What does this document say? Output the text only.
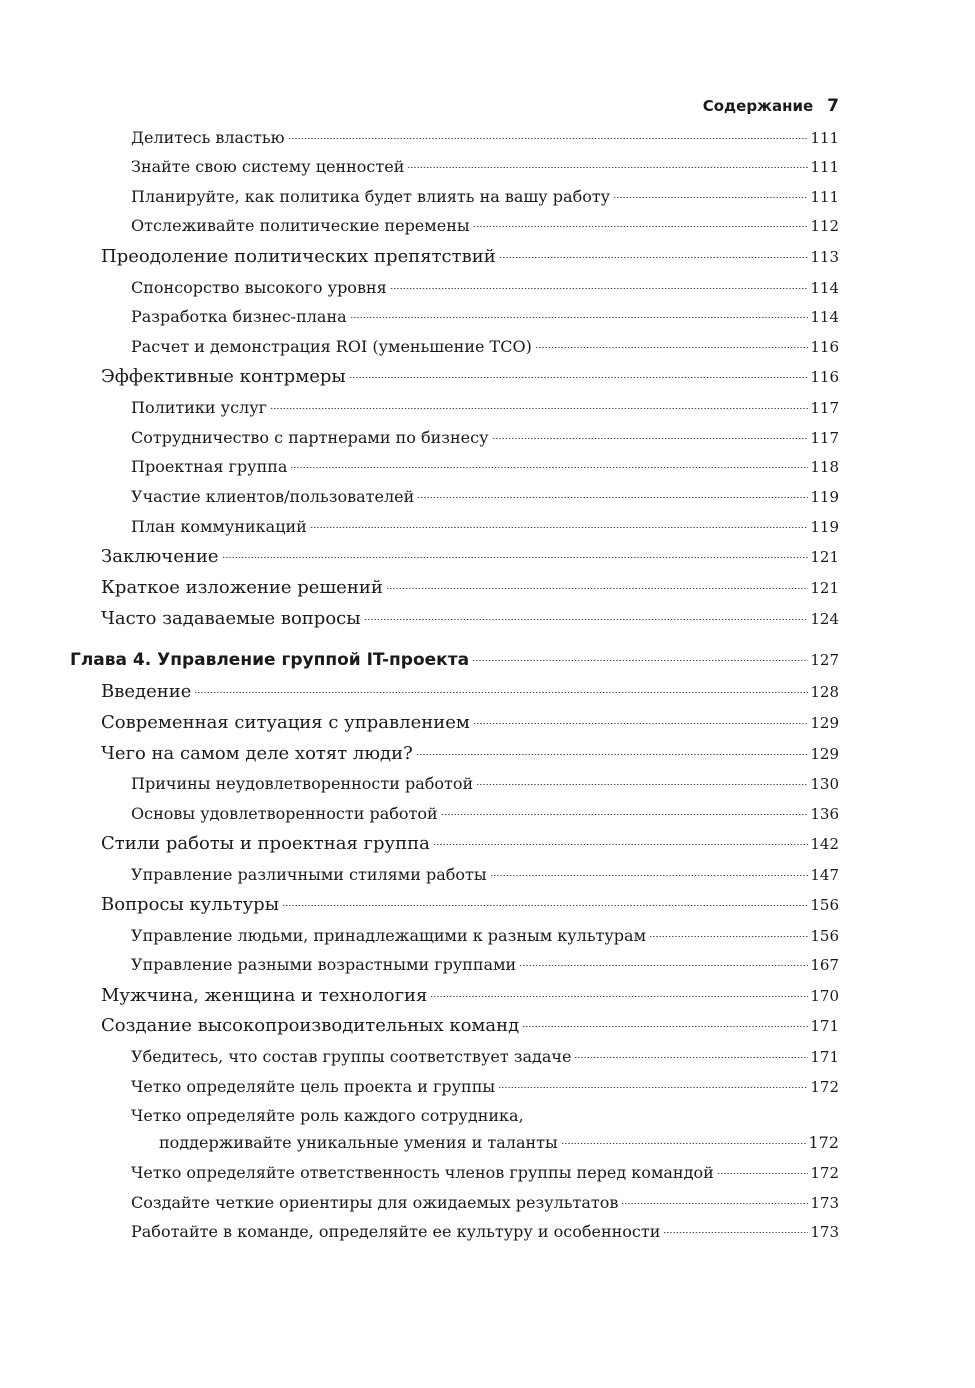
Содержание 7
Делитесь властью	111
Знайте свою систему ценностей	111
Планируйте, как политика будет влиять на вашу работу	111
Отслеживайте политические перемены	112
Преодоление политических препятствий	113
Спонсорство высокого уровня	114
Разработка бизнес-плана	114
Расчет и демонстрация ROI (уменьшение TCO)	116
Эффективные контрмеры	116
Политики услуг	117
Сотрудничество с партнерами по бизнесу	117
Проектная группа	118
Участие клиентов/пользователей	119
План коммуникаций	119
Заключение	121
Краткое изложение решений	121
Часто задаваемые вопросы	124
Глава 4. Управление группой IT-проекта	127
Введение	128
Современная ситуация с управлением	129
Чего на самом деле хотят люди?	129
Причины неудовлетворенности работой	130
Основы удовлетворенности работой	136
Стили работы и проектная группа	142
Управление различными стилями работы	147
Вопросы культуры	156
Управление людьми, принадлежащими к разным культурам	156
Управление разными возрастными группами	167
Мужчина, женщина и технология	170
Создание высокопроизводительных команд	171
Убедитесь, что состав группы соответствует задаче	171
Четко определяйте цель проекта и группы	172
Четко определяйте роль каждого сотрудника,
поддерживайте уникальные умения и таланты	172
Четко определяйте ответственность членов группы перед командой	172
Создайте четкие ориентиры для ожидаемых результатов	173
Работайте в команде, определяйте ее культуру и особенности	173
